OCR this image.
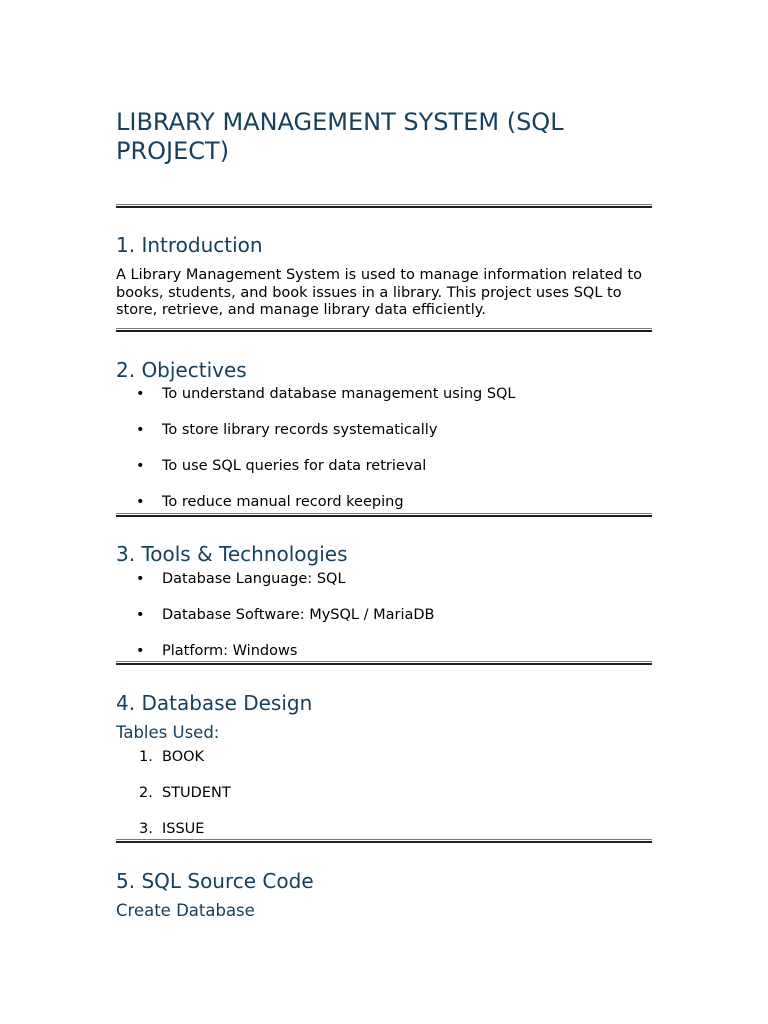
LIBRARY MANAGEMENT SYSTEM (SQL PROJECT)
1. Introduction

A Library Management System is used to manage information related to books, students, and book issues in a library. This project uses SQL to store, retrieve, and manage library data efficiently.

2. Objectives
•	To understand database management using SQL
•	To store library records systematically
•	To use SQL queries for data retrieval
•	To reduce manual record keeping
3. Tools & Technologies
•	Database Language: SQL
•	Database Software: MySQL / MariaDB
•	Platform: Windows
4. Database Design
Tables Used:
1. BOOK
2. STUDENT
3. ISSUE
5. SQL Source Code
Create Database
